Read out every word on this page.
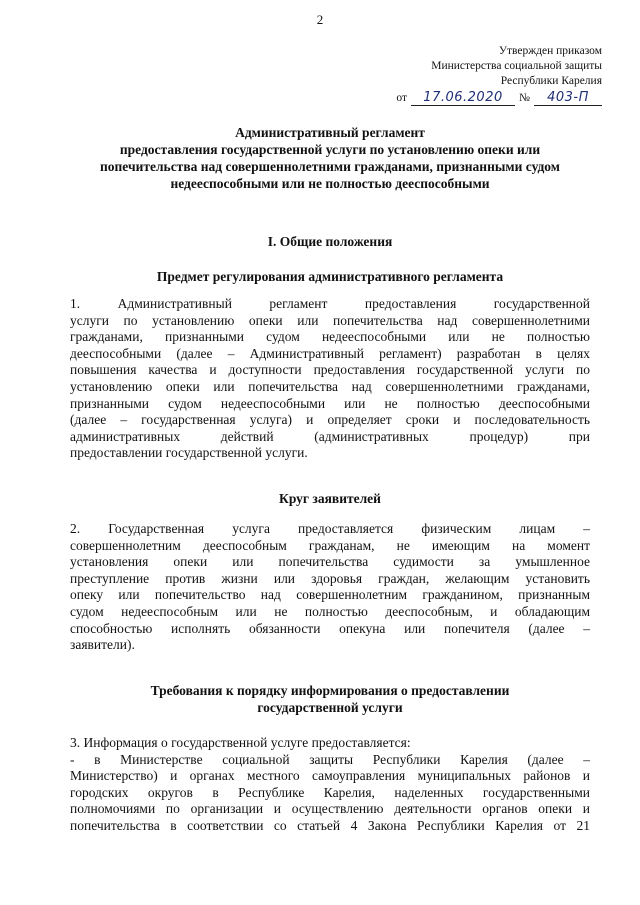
2
Утвержден приказом
Министерства социальной защиты
Республики Карелия
от	17.06.2020	№	403-П
Административный регламент
предоставления государственной услуги по установлению опеки или
попечительства над совершеннолетними гражданами, признанными судом
недееспособными или не полностью дееспособными
I. Общие положения
Предмет регулирования административного регламента
1. Административный регламент предоставления государственной
услуги по установлению опеки или попечительства над совершеннолетними
гражданами, признанными судом недееспособными или не полностью
дееспособными (далее – Административный регламент) разработан в целях
повышения качества и доступности предоставления государственной услуги по
установлению опеки или попечительства над совершеннолетними гражданами,
признанными судом недееспособными или не полностью дееспособными
(далее – государственная услуга) и определяет сроки и последовательность
административных действий (административных процедур) при
предоставлении государственной услуги.
Круг заявителей
2. Государственная услуга предоставляется физическим лицам –
совершеннолетним дееспособным гражданам, не имеющим на момент
установления опеки или попечительства судимости за умышленное
преступление против жизни или здоровья граждан, желающим установить
опеку или попечительство над совершеннолетним гражданином, признанным
судом недееспособным или не полностью дееспособным, и обладающим
способностью исполнять обязанности опекуна или попечителя (далее –
заявители).
Требования к порядку информирования о предоставлении
государственной услуги
3. Информация о государственной услуге предоставляется:
- в Министерстве социальной защиты Республики Карелия (далее –
Министерство) и органах местного самоуправления муниципальных районов и
городских округов в Республике Карелия, наделенных государственными
полномочиями по организации и осуществлению деятельности органов опеки и
попечительства в соответствии со статьей 4 Закона Республики Карелия от 21
